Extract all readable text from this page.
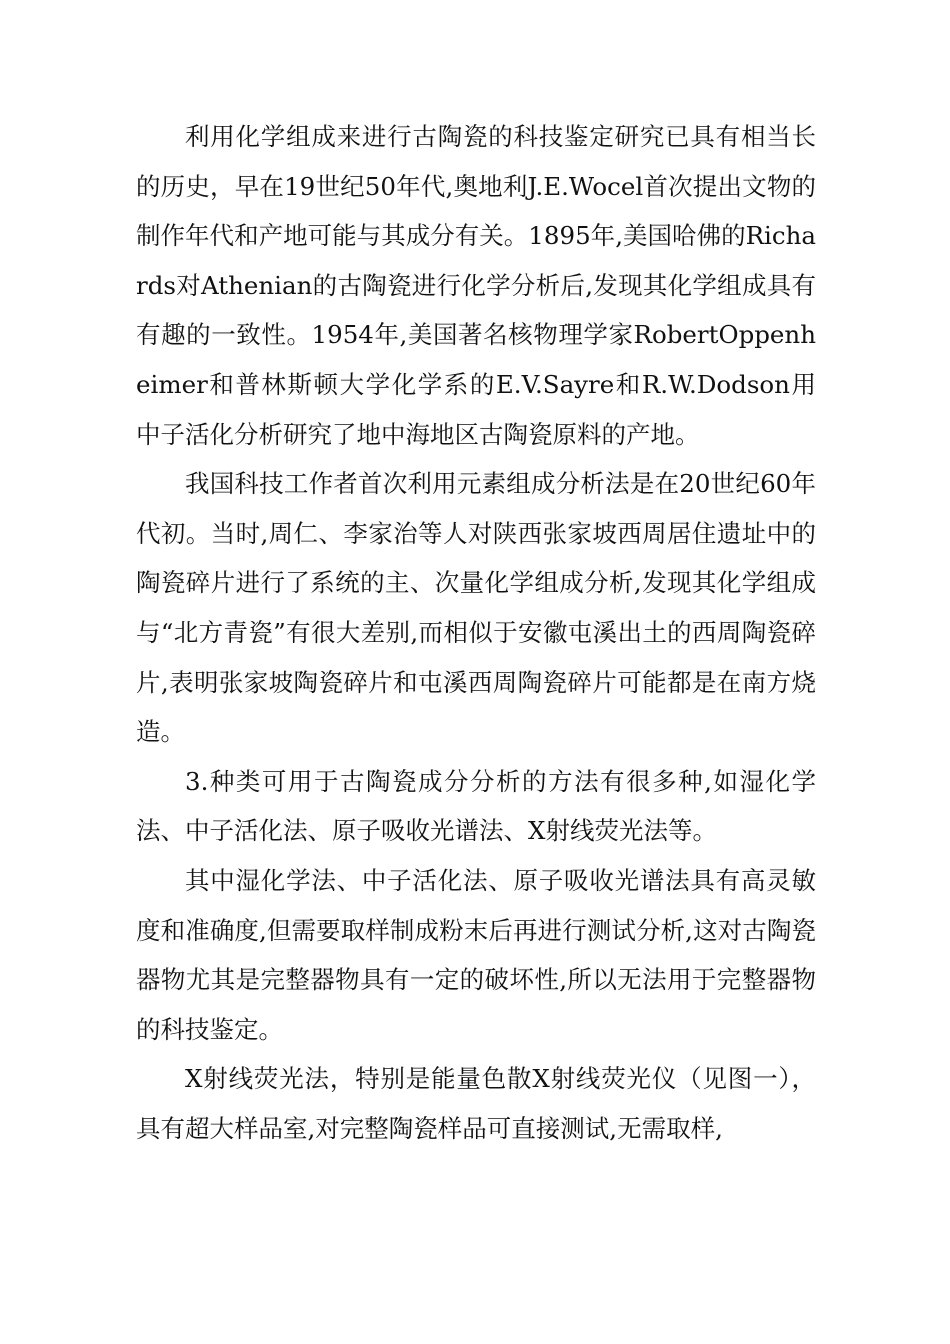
利用化学组成来进行古陶瓷的科技鉴定研究已具有相当长的历史，早在19世纪50年代,奥地利J.E.Wocel首次提出文物的制作年代和产地可能与其成分有关。1895年,美国哈佛的Richards对Athenian的古陶瓷进行化学分析后,发现其化学组成具有有趣的一致性。1954年,美国著名核物理学家RobertOppenheimer和普林斯顿大学化学系的E.V.Sayre和R.W.Dodson用中子活化分析研究了地中海地区古陶瓷原料的产地。

我国科技工作者首次利用元素组成分析法是在20世纪60年代初。当时,周仁、李家治等人对陕西张家坡西周居住遗址中的陶瓷碎片进行了系统的主、次量化学组成分析,发现其化学组成与“北方青瓷”有很大差别,而相似于安徽屯溪出土的西周陶瓷碎片,表明张家坡陶瓷碎片和屯溪西周陶瓷碎片可能都是在南方烧造。

3.种类可用于古陶瓷成分分析的方法有很多种,如湿化学法、中子活化法、原子吸收光谱法、X射线荧光法等。

其中湿化学法、中子活化法、原子吸收光谱法具有高灵敏度和准确度,但需要取样制成粉末后再进行测试分析,这对古陶瓷器物尤其是完整器物具有一定的破坏性,所以无法用于完整器物的科技鉴定。

X射线荧光法，特别是能量色散X射线荧光仪（见图一），具有超大样品室,对完整陶瓷样品可直接测试,无需取样,
